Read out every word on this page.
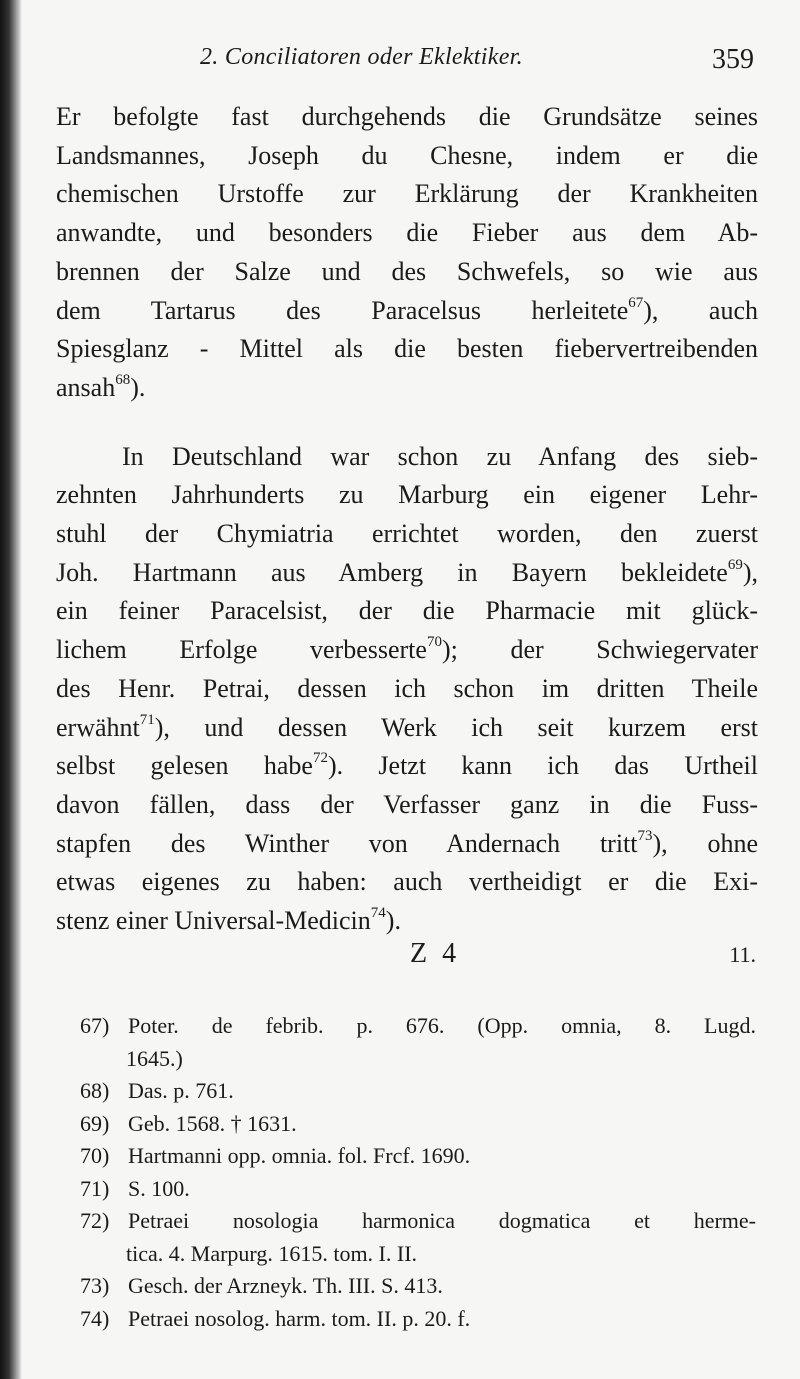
2. Conciliatoren oder Eklektiker.	359
Er befolgte fast durchgehends die Grundsätze seines
Landsmannes, Joseph du Chesne, indem er die
chemischen Urstoffe zur Erklärung der Krankheiten
anwandte, und besonders die Fieber aus dem Ab-
brennen der Salze und des Schwefels, so wie aus
dem Tartarus des Paracelsus herleitete$^{67}$), auch
Spiesglanz - Mittel als die besten fiebervertreibenden
ansah$^{68}$).
In Deutschland war schon zu Anfang des sieb-
zehnten Jahrhunderts zu Marburg ein eigener Lehr-
stuhl der Chymiatria errichtet worden, den zuerst
Joh. Hartmann aus Amberg in Bayern bekleidete$^{69}$),
ein feiner Paracelsist, der die Pharmacie mit glück-
lichem Erfolge verbesserte$^{70}$); der Schwiegervater
des Henr. Petrai, dessen ich schon im dritten Theile
erwähnt$^{71}$), und dessen Werk ich seit kurzem erst
selbst gelesen habe$^{72}$). Jetzt kann ich das Urtheil
davon fällen, dass der Verfasser ganz in die Fuss-
stapfen des Winther von Andernach tritt$^{73}$), ohne
etwas eigenes zu haben: auch vertheidigt er die Exi-
stenz einer Universal-Medicin$^{74}$).
Z 4	11.
67) Poter. de febrib. p. 676. (Opp. omnia, 8. Lugd.
1645.)
68) Das. p. 761.
69) Geb. 1568. † 1631.
70) Hartmanni opp. omnia. fol. Frcf. 1690.
71) S. 100.
72) Petraei nosologia harmonica dogmatica et herme-
tica. 4. Marpurg. 1615. tom. I. II.
73) Gesch. der Arzneyk. Th. III. S. 413.
74) Petraei nosolog. harm. tom. II. p. 20. f.
